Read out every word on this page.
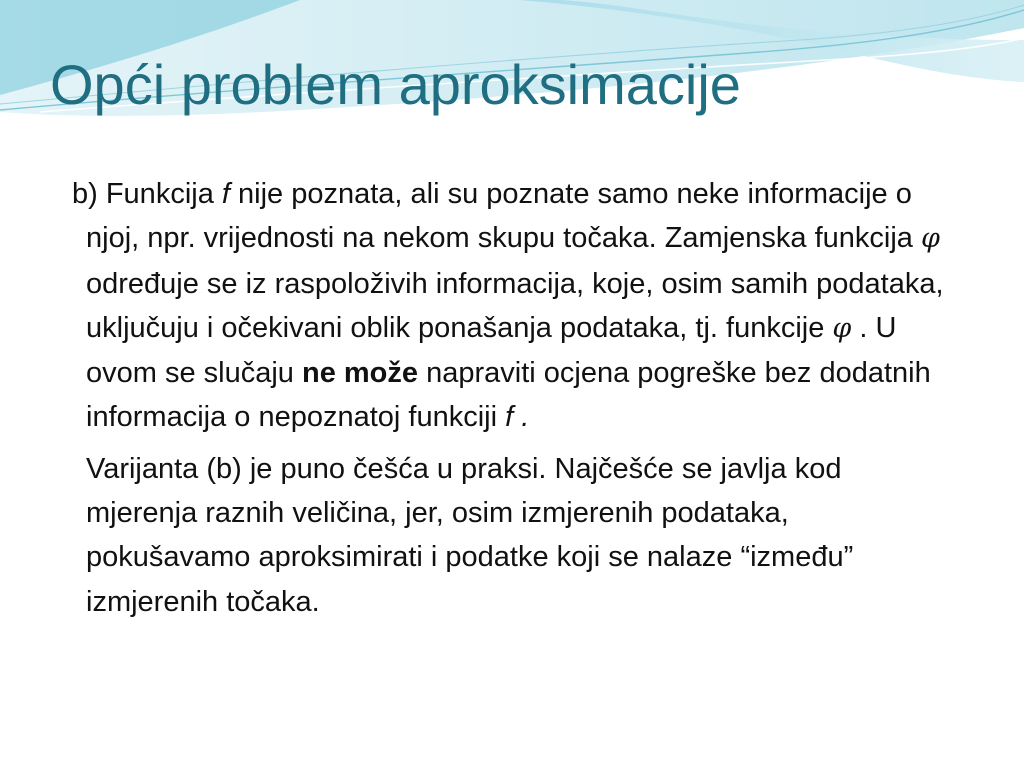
Opći problem aproksimacije

b) Funkcija f nije poznata, ali su poznate samo neke informacije o njoj, npr. vrijednosti na nekom skupu točaka. Zamjenska funkcija φ određuje se iz raspoloživih informacija, koje, osim samih podataka, uključuju i očekivani oblik ponašanja podataka, tj. funkcije φ . U ovom se slučaju ne može napraviti ocjena pogreške bez dodatnih informacija o nepoznatoj funkciji f .

Varijanta (b) je puno češća u praksi. Najčešće se javlja kod mjerenja raznih veličina, jer, osim izmjerenih podataka, pokušavamo aproksimirati i podatke koji se nalaze “između” izmjerenih točaka.
